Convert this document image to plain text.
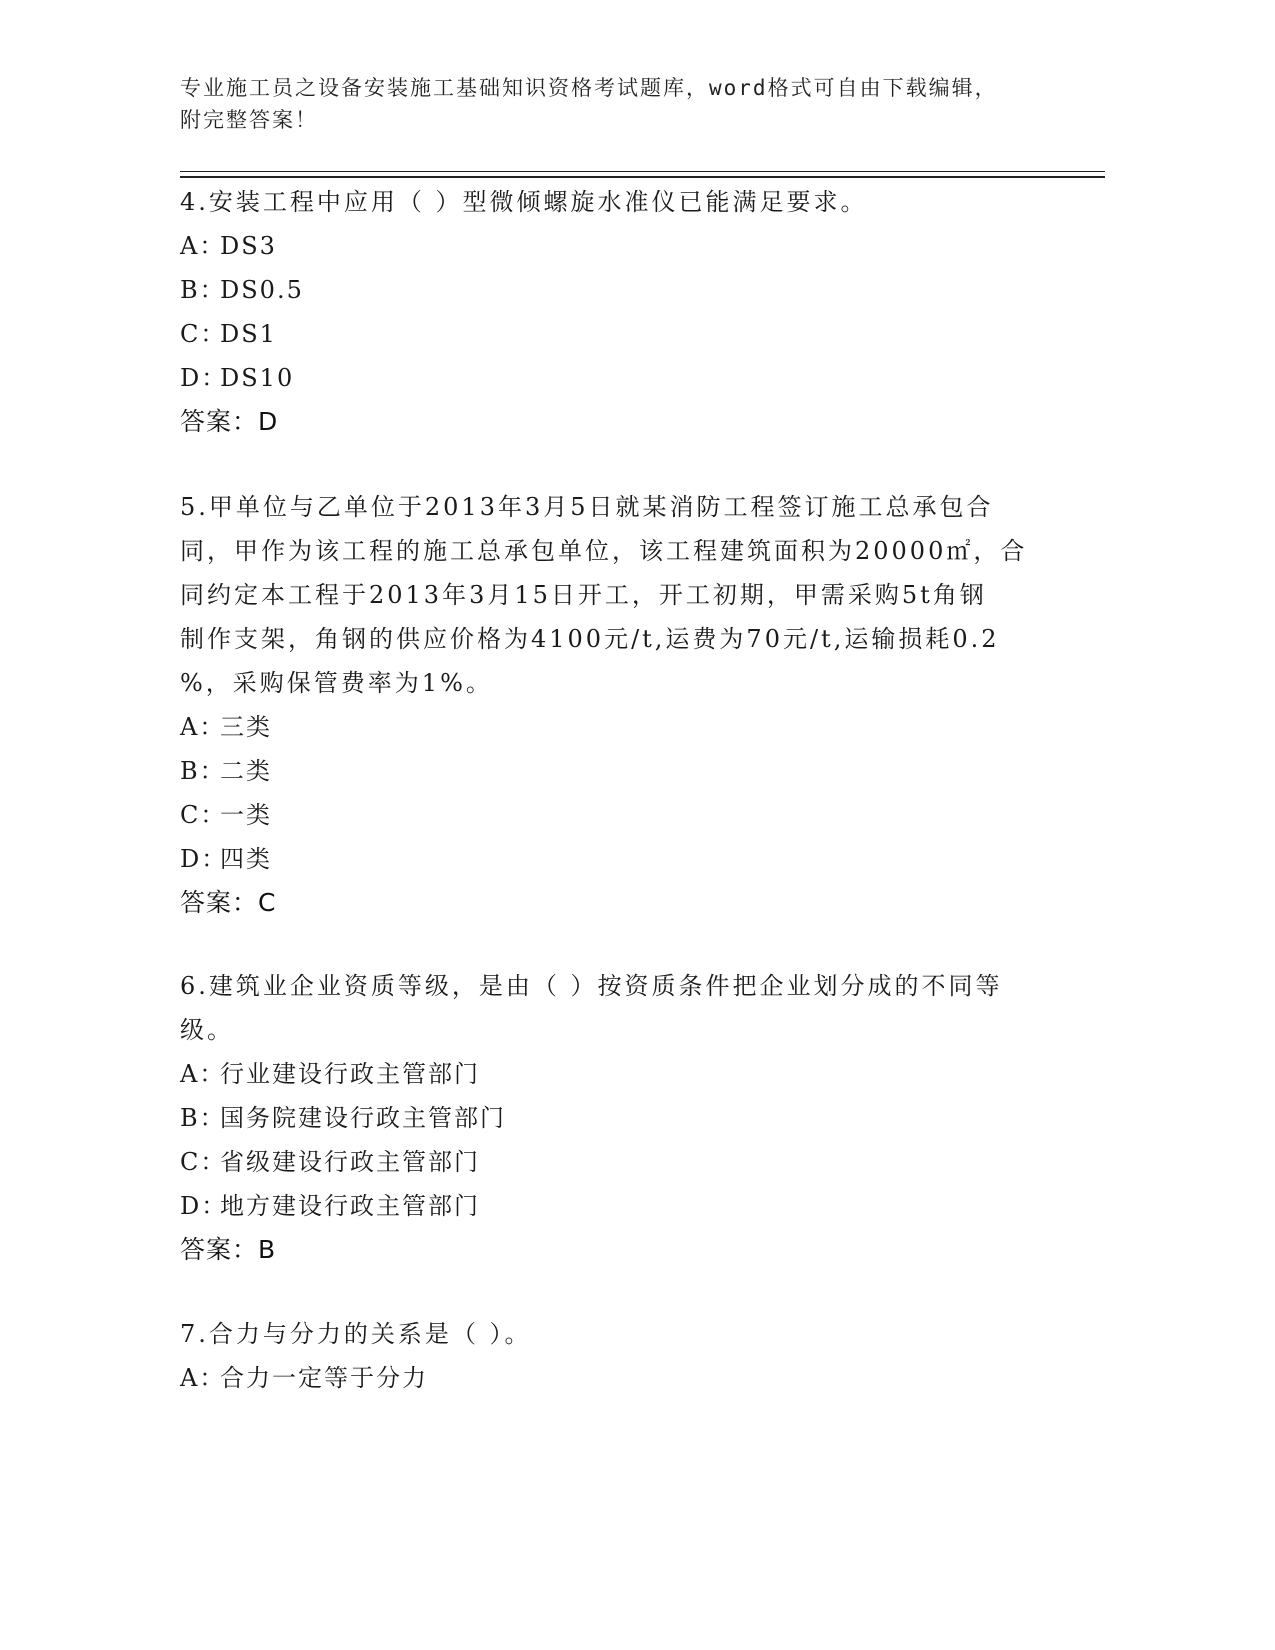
专业施工员之设备安装施工基础知识资格考试题库，word格式可自由下载编辑，
附完整答案！

4.安装工程中应用（ ）型微倾螺旋水准仪已能满足要求。

A：DS3

B：DS0.5

C：DS1

D：DS10

答案：D

5.甲单位与乙单位于2013年3月5日就某消防工程签订施工总承包合

同，甲作为该工程的施工总承包单位，该工程建筑面积为20000㎡，合

同约定本工程于2013年3月15日开工，开工初期，甲需采购5t角钢

制作支架，角钢的供应价格为4100元/t,运费为70元/t,运输损耗0.2

%，采购保管费率为1%。

A：三类

B：二类

C：一类

D：四类

答案：C

6.建筑业企业资质等级，是由（ ）按资质条件把企业划分成的不同等

级。

A：行业建设行政主管部门

B：国务院建设行政主管部门

C：省级建设行政主管部门

D：地方建设行政主管部门

答案：B

7.合力与分力的关系是（ ）。

A：合力一定等于分力
